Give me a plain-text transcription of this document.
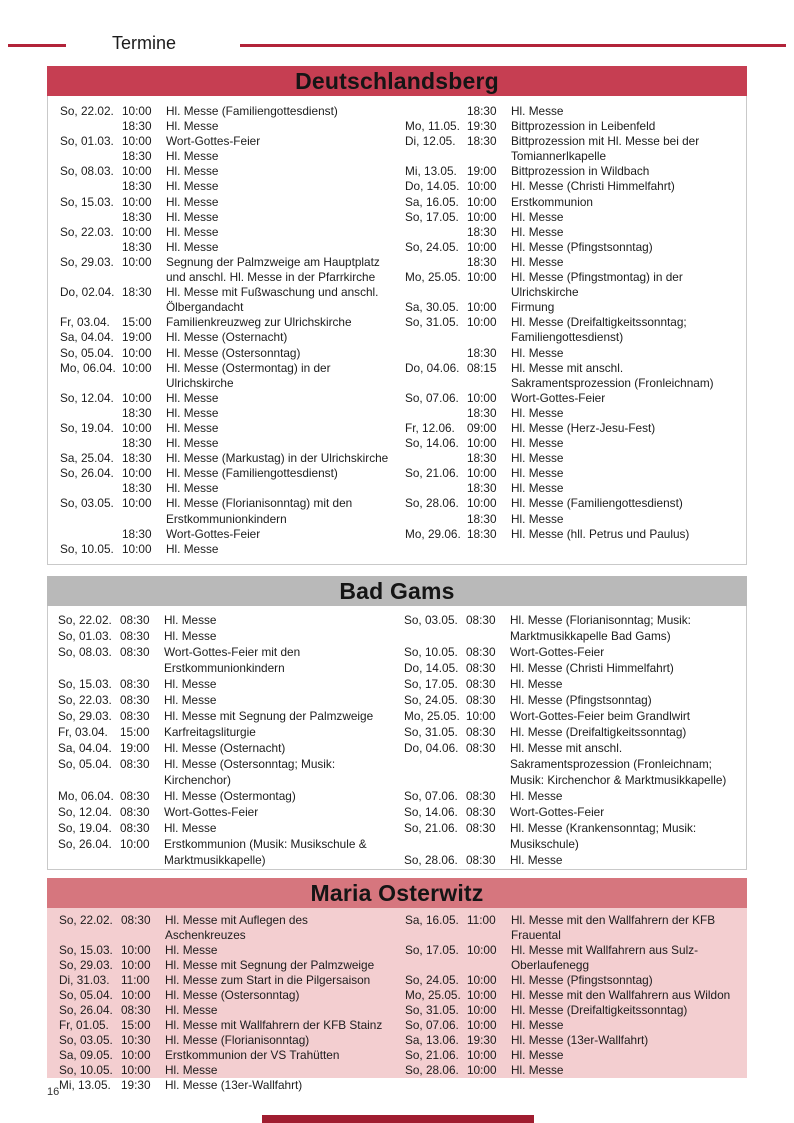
Termine
Deutschlandsberg
So, 22.02. 10:00	Hl. Messe (Familiengottesdienst)
18:30	Hl. Messe
So, 01.03. 10:00	Wort-Gottes-Feier
18:30	Hl. Messe
So, 08.03. 10:00	Hl. Messe
18:30	Hl. Messe
So, 15.03. 10:00	Hl. Messe
18:30	Hl. Messe
So, 22.03. 10:00	Hl. Messe
18:30	Hl. Messe
So, 29.03. 10:00	Segnung der Palmzweige am Hauptplatz und anschl. Hl. Messe in der Pfarrkirche
Do, 02.04. 18:30	Hl. Messe mit Fußwaschung und anschl. Ölbergandacht
Fr, 03.04.	15:00	Familienkreuzweg zur Ulrichskirche
Sa, 04.04. 19:00	Hl. Messe (Osternacht)
So, 05.04. 10:00	Hl. Messe (Ostersonntag)
Mo, 06.04. 10:00	Hl. Messe (Ostermontag) in der Ulrichskirche
So, 12.04. 10:00	Hl. Messe
18:30	Hl. Messe
So, 19.04. 10:00	Hl. Messe
18:30	Hl. Messe
Sa, 25.04. 18:30	Hl. Messe (Markustag) in der Ulrichskirche
So, 26.04. 10:00	Hl. Messe (Familiengottesdienst)
18:30	Hl. Messe
So, 03.05. 10:00	Hl. Messe (Florianisonntag) mit den Erstkommunionkindern
18:30	Wort-Gottes-Feier
So, 10.05. 10:00	Hl. Messe
18:30	Hl. Messe
Mo, 11.05. 19:30	Bittprozession in Leibenfeld
Di, 12.05. 18:30	Bittprozession mit Hl. Messe bei der Tomiannerlkapelle
Mi, 13.05. 19:00	Bittprozession in Wildbach
Do, 14.05. 10:00	Hl. Messe (Christi Himmelfahrt)
Sa, 16.05. 10:00	Erstkommunion
So, 17.05. 10:00	Hl. Messe
18:30	Hl. Messe
So, 24.05. 10:00	Hl. Messe (Pfingstsonntag)
18:30	Hl. Messe
Mo, 25.05. 10:00	Hl. Messe (Pfingstmontag) in der Ulrichskirche
Sa, 30.05. 10:00	Firmung
So, 31.05. 10:00	Hl. Messe (Dreifaltigkeitssonntag; Familiengottesdienst)
18:30	Hl. Messe
Do, 04.06. 08:15	Hl. Messe mit anschl. Sakramentsprozession (Fronleichnam)
So, 07.06. 10:00	Wort-Gottes-Feier
18:30	Hl. Messe
Fr, 12.06.	09:00	Hl. Messe (Herz-Jesu-Fest)
So, 14.06. 10:00	Hl. Messe
18:30	Hl. Messe
So, 21.06. 10:00	Hl. Messe
18:30	Hl. Messe
So, 28.06. 10:00	Hl. Messe (Familiengottesdienst)
18:30	Hl. Messe
Mo, 29.06. 18:30	Hl. Messe (hll. Petrus und Paulus)
Bad Gams
So, 22.02. 08:30	Hl. Messe
So, 01.03. 08:30	Hl. Messe
So, 08.03. 08:30	Wort-Gottes-Feier mit den Erstkommunionkindern
So, 15.03. 08:30	Hl. Messe
So, 22.03. 08:30	Hl. Messe
So, 29.03. 08:30	Hl. Messe mit Segnung der Palmzweige
Fr, 03.04.	15:00	Karfreitagsliturgie
Sa, 04.04. 19:00	Hl. Messe (Osternacht)
So, 05.04. 08:30	Hl. Messe (Ostersonntag; Musik: Kirchenchor)
Mo, 06.04. 08:30	Hl. Messe (Ostermontag)
So, 12.04. 08:30	Wort-Gottes-Feier
So, 19.04. 08:30	Hl. Messe
So, 26.04. 10:00	Erstkommunion (Musik: Musikschule & Marktmusikkapelle)
So, 03.05. 08:30	Hl. Messe (Florianisonntag; Musik: Marktmusikkapelle Bad Gams)
So, 10.05. 08:30	Wort-Gottes-Feier
Do, 14.05. 08:30	Hl. Messe (Christi Himmelfahrt)
So, 17.05. 08:30	Hl. Messe
So, 24.05. 08:30	Hl. Messe (Pfingstsonntag)
Mo, 25.05. 10:00	Wort-Gottes-Feier beim Grandlwirt
So, 31.05. 08:30	Hl. Messe (Dreifaltigkeitssonntag)
Do, 04.06. 08:30	Hl. Messe mit anschl. Sakramentsprozession (Fronleichnam; Musik: Kirchenchor & Marktmusikkapelle)
So, 07.06. 08:30	Hl. Messe
So, 14.06. 08:30	Wort-Gottes-Feier
So, 21.06. 08:30	Hl. Messe (Krankensonntag; Musik: Musikschule)
So, 28.06. 08:30	Hl. Messe
Maria Osterwitz
So, 22.02. 08:30	Hl. Messe mit Auflegen des Aschenkreuzes
So, 15.03. 10:00	Hl. Messe
So, 29.03. 10:00	Hl. Messe mit Segnung der Palmzweige
Di, 31.03. 11:00	Hl. Messe zum Start in die Pilgersaison
So, 05.04. 10:00	Hl. Messe (Ostersonntag)
So, 26.04. 08:30	Hl. Messe
Fr, 01.05.	15:00	Hl. Messe mit Wallfahrern der KFB Stainz
So, 03.05. 10:30	Hl. Messe (Florianisonntag)
Sa, 09.05. 10:00	Erstkommunion der VS Trahütten
So, 10.05. 10:00	Hl. Messe
Mi, 13.05. 19:30	Hl. Messe (13er-Wallfahrt)
Sa, 16.05. 11:00	Hl. Messe mit den Wallfahrern der KFB Frauental
So, 17.05. 10:00	Hl. Messe mit Wallfahrern aus Sulz-Oberlaufenegg
So, 24.05. 10:00	Hl. Messe (Pfingstsonntag)
Mo, 25.05. 10:00	Hl. Messe mit den Wallfahrern aus Wildon
So, 31.05. 10:00	Hl. Messe (Dreifaltigkeitssonntag)
So, 07.06. 10:00	Hl. Messe
Sa, 13.06. 19:30	Hl. Messe (13er-Wallfahrt)
So, 21.06. 10:00	Hl. Messe
So, 28.06. 10:00	Hl. Messe
16
